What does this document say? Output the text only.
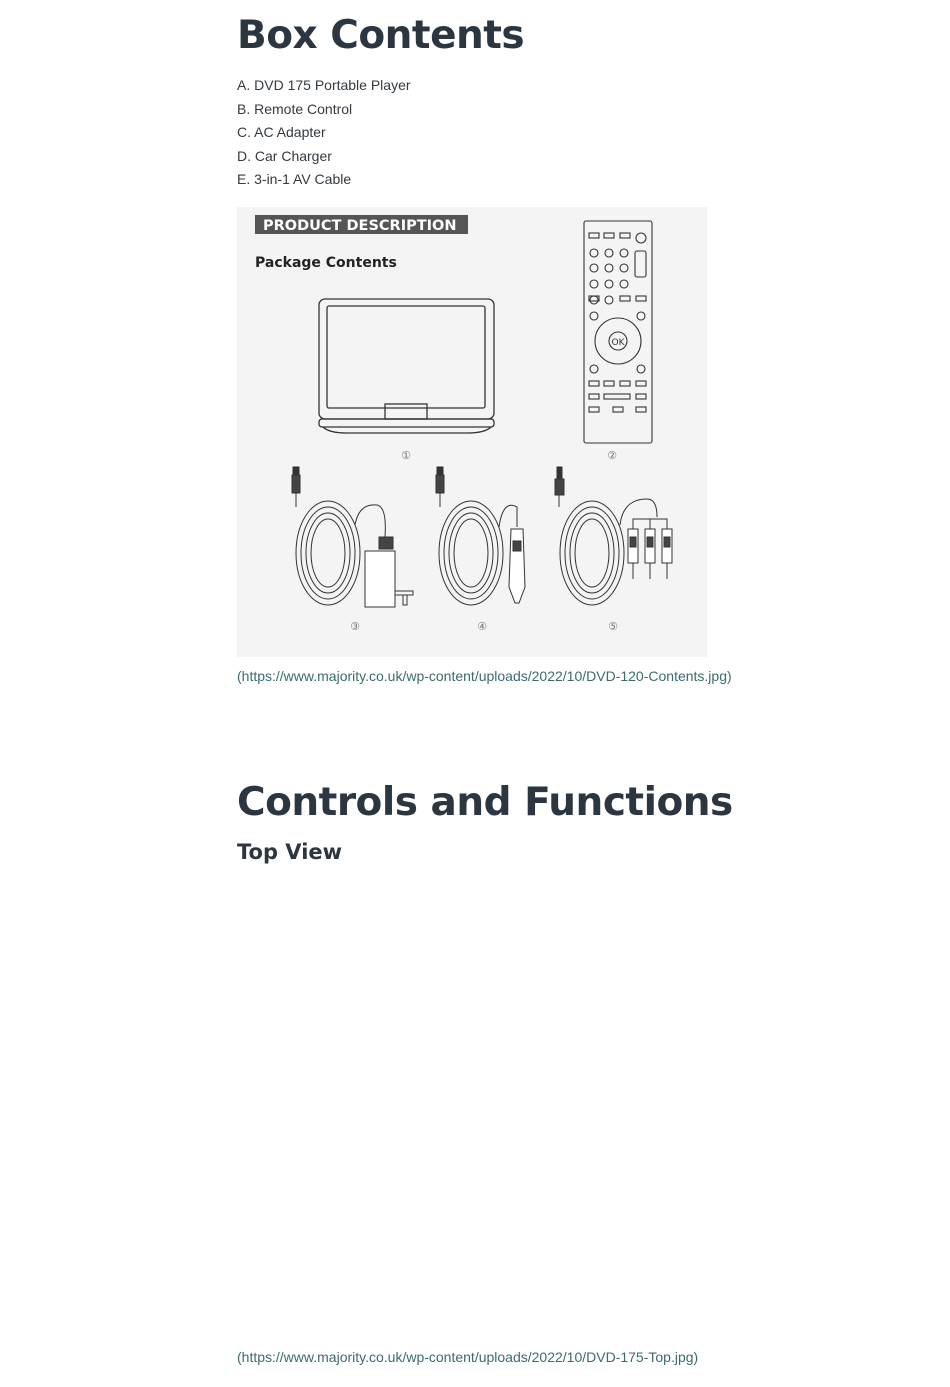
Box Contents
A. DVD 175 Portable Player
B. Remote Control
C. AC Adapter
D. Car Charger
E. 3-in-1 AV Cable
PRODUCT DESCRIPTION
Package Contents
①
OK
②
③	④	⑤
(https://www.majority.co.uk/wp-content/uploads/2022/10/DVD-120-Contents.jpg)
Controls and Functions
Top View
(https://www.majority.co.uk/wp-content/uploads/2022/10/DVD-175-Top.jpg)
